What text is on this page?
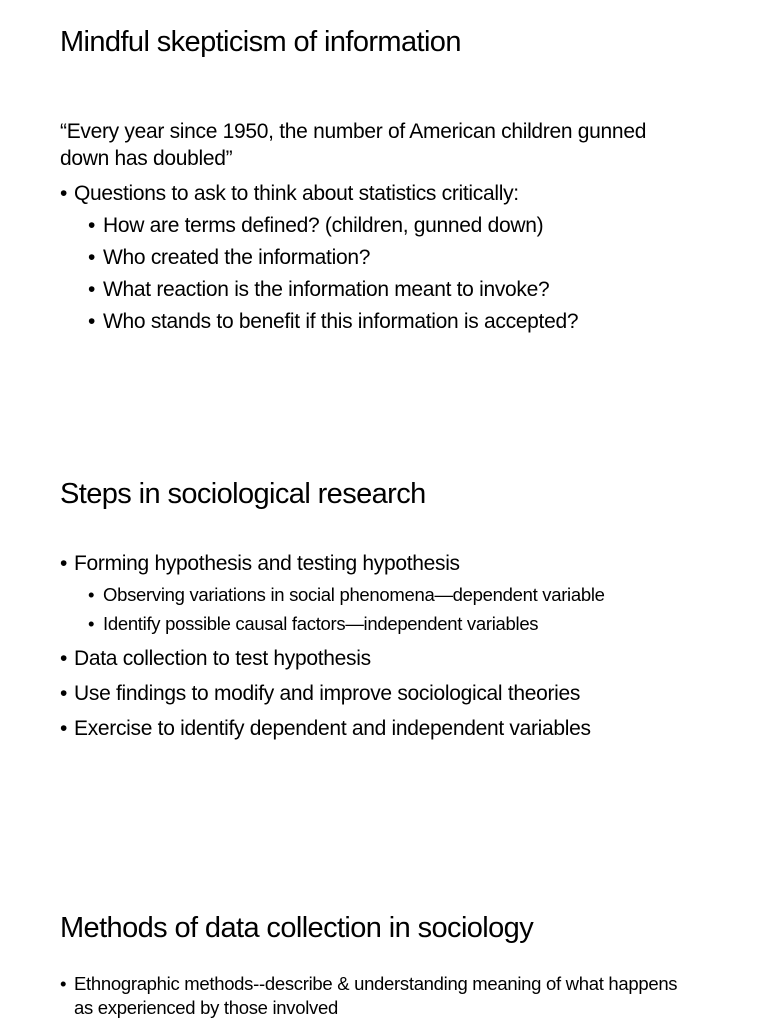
Mindful skepticism of information
“Every year since 1950, the number of American children gunned down has doubled”
• Questions to ask to think about statistics critically:
• How are terms defined? (children, gunned down)
• Who created the information?
• What reaction is the information meant to invoke?
• Who stands to benefit if this information is accepted?
Steps in sociological research
• Forming hypothesis and testing hypothesis
• Observing variations in social phenomena—dependent variable
• Identify possible causal factors—independent variables
• Data collection to test hypothesis
• Use findings to modify and improve sociological theories
• Exercise to identify dependent and independent variables
Methods of data collection in sociology
• Ethnographic methods--describe & understanding meaning of what happens as experienced by those involved
